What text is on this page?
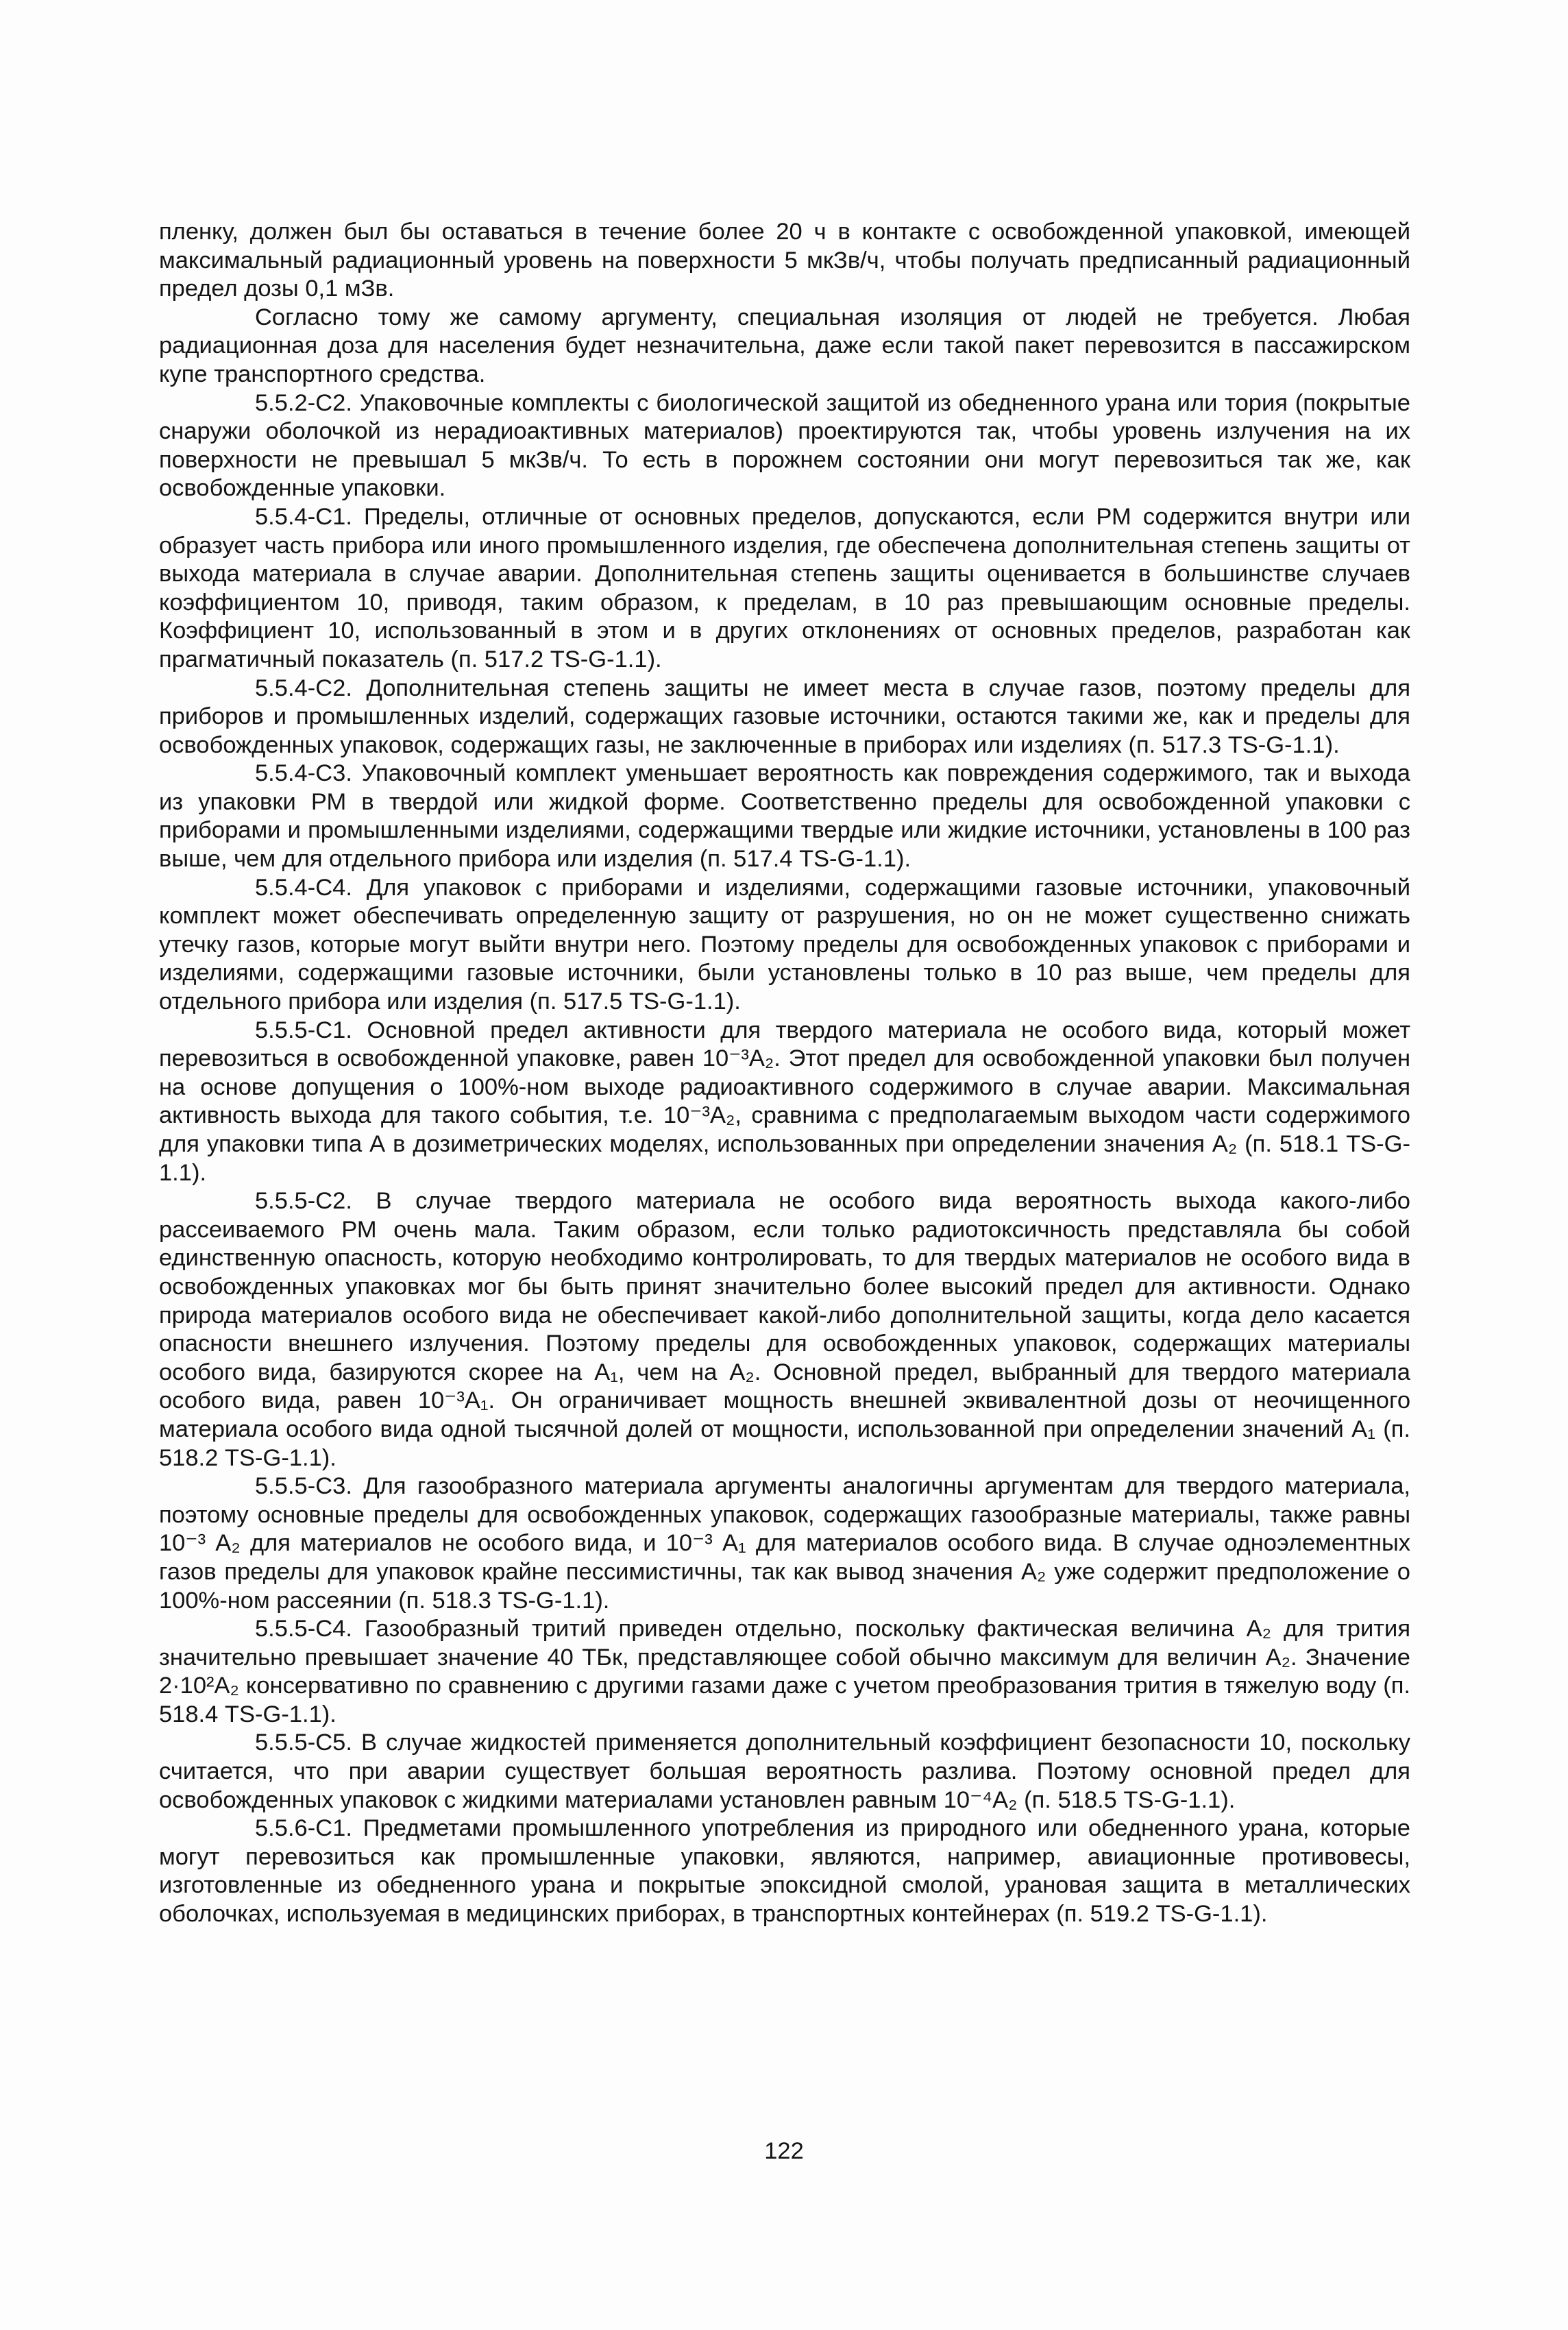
пленку, должен был бы оставаться в течение более 20 ч в контакте с освобожденной упаковкой, имеющей максимальный радиационный уровень на поверхности 5 мкЗв/ч, чтобы получать предписанный радиационный предел дозы 0,1 мЗв.

Согласно тому же самому аргументу, специальная изоляция от людей не требуется. Любая радиационная доза для населения будет незначительна, даже если такой пакет перевозится в пассажирском купе транспортного средства.

5.5.2-С2. Упаковочные комплекты с биологической защитой из обедненного урана или тория (покрытые снаружи оболочкой из нерадиоактивных материалов) проектируются так, чтобы уровень излучения на их поверхности не превышал 5 мкЗв/ч. То есть в порожнем состоянии они могут перевозиться так же, как освобожденные упаковки.

5.5.4-С1. Пределы, отличные от основных пределов, допускаются, если РМ содержится внутри или образует часть прибора или иного промышленного изделия, где обеспечена дополнительная степень защиты от выхода материала в случае аварии. Дополнительная степень защиты оценивается в большинстве случаев коэффициентом 10, приводя, таким образом, к пределам, в 10 раз превышающим основные пределы. Коэффициент 10, использованный в этом и в других отклонениях от основных пределов, разработан как прагматичный показатель (п. 517.2 TS-G-1.1).

5.5.4-С2. Дополнительная степень защиты не имеет места в случае газов, поэтому пределы для приборов и промышленных изделий, содержащих газовые источники, остаются такими же, как и пределы для освобожденных упаковок, содержащих газы, не заключенные в приборах или изделиях (п. 517.3 TS-G-1.1).

5.5.4-С3. Упаковочный комплект уменьшает вероятность как повреждения содержимого, так и выхода из упаковки РМ в твердой или жидкой форме. Соответственно пределы для освобожденной упаковки с приборами и промышленными изделиями, содержащими твердые или жидкие источники, установлены в 100 раз выше, чем для отдельного прибора или изделия (п. 517.4 TS-G-1.1).

5.5.4-С4. Для упаковок с приборами и изделиями, содержащими газовые источники, упаковочный комплект может обеспечивать определенную защиту от разрушения, но он не может существенно снижать утечку газов, которые могут выйти внутри него. Поэтому пределы для освобожденных упаковок с приборами и изделиями, содержащими газовые источники, были установлены только в 10 раз выше, чем пределы для отдельного прибора или изделия (п. 517.5 TS-G-1.1).

5.5.5-С1. Основной предел активности для твердого материала не особого вида, который может перевозиться в освобожденной упаковке, равен 10⁻³A₂. Этот предел для освобожденной упаковки был получен на основе допущения о 100%-ном выходе радиоактивного содержимого в случае аварии. Максимальная активность выхода для такого события, т.е. 10⁻³A₂, сравнима с предполагаемым выходом части содержимого для упаковки типа А в дозиметрических моделях, использованных при определении значения A₂ (п. 518.1 TS-G-1.1).

5.5.5-С2. В случае твердого материала не особого вида вероятность выхода какого-либо рассеиваемого РМ очень мала. Таким образом, если только радиотоксичность представляла бы собой единственную опасность, которую необходимо контролировать, то для твердых материалов не особого вида в освобожденных упаковках мог бы быть принят значительно более высокий предел для активности. Однако природа материалов особого вида не обеспечивает какой-либо дополнительной защиты, когда дело касается опасности внешнего излучения. Поэтому пределы для освобожденных упаковок, содержащих материалы особого вида, базируются скорее на A₁, чем на A₂. Основной предел, выбранный для твердого материала особого вида, равен 10⁻³A₁. Он ограничивает мощность внешней эквивалентной дозы от неочищенного материала особого вида одной тысячной долей от мощности, использованной при определении значений A₁ (п. 518.2 TS-G-1.1).

5.5.5-С3. Для газообразного материала аргументы аналогичны аргументам для твердого материала, поэтому основные пределы для освобожденных упаковок, содержащих газообразные материалы, также равны 10⁻³ A₂ для материалов не особого вида, и 10⁻³ A₁ для материалов особого вида. В случае одноэлементных газов пределы для упаковок крайне пессимистичны, так как вывод значения A₂ уже содержит предположение о 100%-ном рассеянии (п. 518.3 TS-G-1.1).

5.5.5-С4. Газообразный тритий приведен отдельно, поскольку фактическая величина A₂ для трития значительно превышает значение 40 ТБк, представляющее собой обычно максимум для величин A₂. Значение 2·10²A₂ консервативно по сравнению с другими газами даже с учетом преобразования трития в тяжелую воду (п. 518.4 TS-G-1.1).

5.5.5-С5. В случае жидкостей применяется дополнительный коэффициент безопасности 10, поскольку считается, что при аварии существует большая вероятность разлива. Поэтому основной предел для освобожденных упаковок с жидкими материалами установлен равным 10⁻⁴A₂ (п. 518.5 TS-G-1.1).

5.5.6-С1. Предметами промышленного употребления из природного или обедненного урана, которые могут перевозиться как промышленные упаковки, являются, например, авиационные противовесы, изготовленные из обедненного урана и покрытые эпоксидной смолой, урановая защита в металлических оболочках, используемая в медицинских приборах, в транспортных контейнерах (п. 519.2 TS-G-1.1).

122
